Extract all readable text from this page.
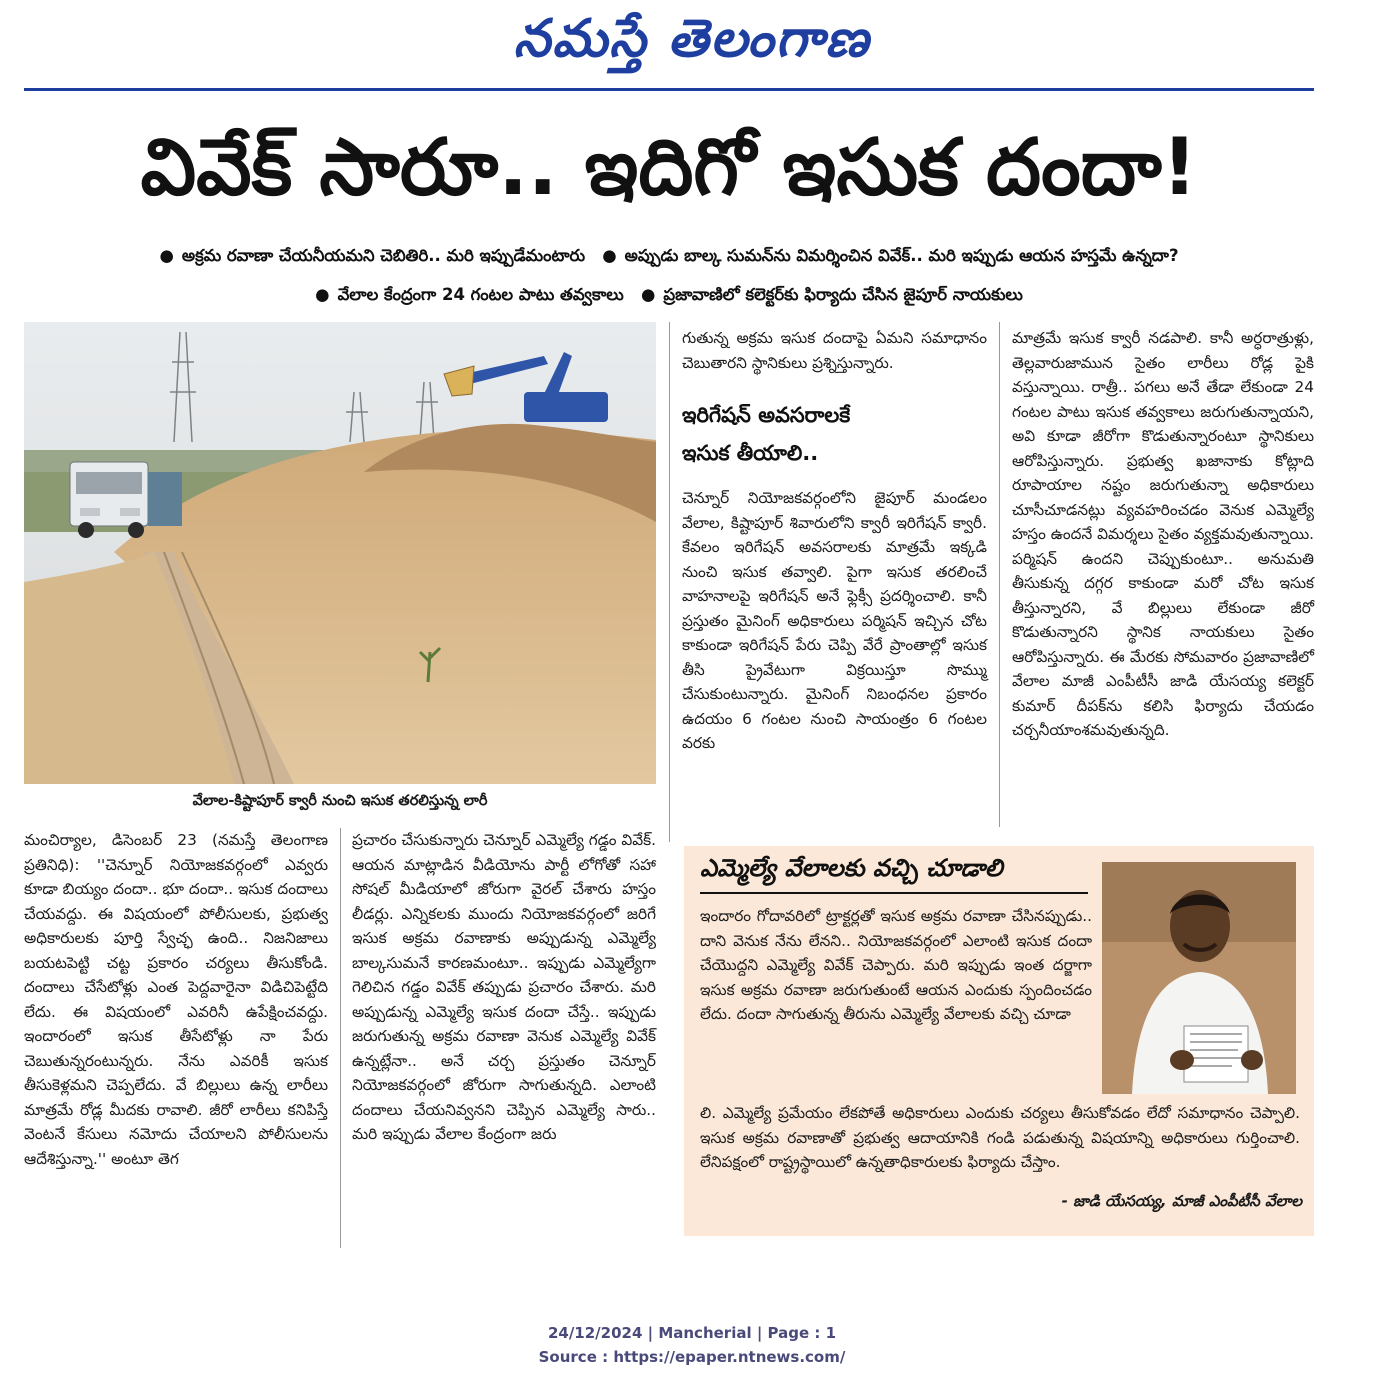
నమస్తే తెలంగాణ
వివేక్ సారూ.. ఇదిగో ఇసుక దందా!
● అక్రమ రవాణా చేయనీయమని చెబితిరి.. మరి ఇప్పుడేమంటారు ● అప్పుడు బాల్క సుమన్‌ను విమర్శించిన వివేక్.. మరి ఇప్పుడు ఆయన హస్తమే ఉన్నదా?
● వేలాల కేంద్రంగా 24 గంటల పాటు తవ్వకాలు ● ప్రజావాణిలో కలెక్టర్‌కు ఫిర్యాదు చేసిన జైపూర్ నాయకులు
వేలాల-కిష్టాపూర్ క్వారీ నుంచి ఇసుక తరలిస్తున్న లారీ
మంచిర్యాల, డిసెంబర్ 23 (నమస్తే తెలంగాణ ప్రతినిధి): ''చెన్నూర్ నియోజకవర్గంలో ఎవ్వరు కూడా బియ్యం దందా.. భూ దందా.. ఇసుక దందాలు చేయవద్దు. ఈ విషయంలో పోలీసులకు, ప్రభుత్వ అధికారులకు పూర్తి స్వేచ్ఛ ఉంది.. నిజనిజాలు బయటపెట్టి చట్ట ప్రకారం చర్యలు తీసుకోండి. దందాలు చేసేటోళ్లు ఎంత పెద్దవారైనా విడిచిపెట్టేది లేదు. ఈ విషయంలో ఎవరినీ ఉపేక్షించవద్దు. ఇందారంలో ఇసుక తీసేటోళ్లు నా పేరు చెబుతున్నరంటున్నరు. నేను ఎవరికీ ఇసుక తీసుకెళ్లమని చెప్పలేదు. వే బిల్లులు ఉన్న లారీలు మాత్రమే రోడ్ల మీదకు రావాలి. జీరో లారీలు కనిపిస్తే వెంటనే కేసులు నమోదు చేయాలని పోలీసులను ఆదేశిస్తున్నా.'' అంటూ తెగ
ప్రచారం చేసుకున్నారు చెన్నూర్ ఎమ్మెల్యే గడ్డం వివేక్. ఆయన మాట్లాడిన వీడియోను పార్టీ లోగోతో సహా సోషల్ మీడియాలో జోరుగా వైరల్ చేశారు హస్తం లీడర్లు. ఎన్నికలకు ముందు నియోజకవర్గంలో జరిగే ఇసుక అక్రమ రవాణాకు అప్పుడున్న ఎమ్మెల్యే బాల్కసుమనే కారణమంటూ.. ఇప్పుడు ఎమ్మెల్యేగా గెలిచిన గడ్డం వివేక్ తప్పుడు ప్రచారం చేశారు. మరి అప్పుడున్న ఎమ్మెల్యే ఇసుక దందా చేస్తే.. ఇప్పుడు జరుగుతున్న అక్రమ రవాణా వెనుక ఎమ్మెల్యే వివేక్ ఉన్నట్లేనా.. అనే చర్చ ప్రస్తుతం చెన్నూర్ నియోజకవర్గంలో జోరుగా సాగుతున్నది. ఎలాంటి దందాలు చేయనివ్వనని చెప్పిన ఎమ్మెల్యే సారు.. మరి ఇప్పుడు వేలాల కేంద్రంగా జరు
గుతున్న అక్రమ ఇసుక దందాపై ఏమని సమాధానం చెబుతారని స్థానికులు ప్రశ్నిస్తున్నారు.
ఇరిగేషన్ అవసరాలకే
ఇసుక తీయాలి..
చెన్నూర్ నియోజకవర్గంలోని జైపూర్ మండలం వేలాల, కిష్టాపూర్ శివారులోని క్వారీ ఇరిగేషన్ క్వారీ. కేవలం ఇరిగేషన్ అవసరాలకు మాత్రమే ఇక్కడి నుంచి ఇసుక తవ్వాలి. పైగా ఇసుక తరలించే వాహనాలపై ఇరిగేషన్ అనే ఫ్లెక్సీ ప్రదర్శించాలి. కానీ ప్రస్తుతం మైనింగ్ అధికారులు పర్మిషన్ ఇచ్చిన చోట కాకుండా ఇరిగేషన్ పేరు చెప్పి వేరే ప్రాంతాల్లో ఇసుక తీసి ప్రైవేటుగా విక్రయిస్తూ సొమ్ము చేసుకుంటున్నారు. మైనింగ్ నిబంధనల ప్రకారం ఉదయం 6 గంటల నుంచి సాయంత్రం 6 గంటల వరకు
మాత్రమే ఇసుక క్వారీ నడపాలి. కానీ అర్ధరాత్రుళ్లు, తెల్లవారుజామున సైతం లారీలు రోడ్ల పైకి వస్తున్నాయి. రాత్రీ.. పగలు అనే తేడా లేకుండా 24 గంటల పాటు ఇసుక తవ్వకాలు జరుగుతున్నాయని, అవి కూడా జీరోగా కొడుతున్నారంటూ స్థానికులు ఆరోపిస్తున్నారు. ప్రభుత్వ ఖజానాకు కోట్లాది రూపాయాల నష్టం జరుగుతున్నా అధికారులు చూసీచూడనట్లు వ్యవహరించడం వెనుక ఎమ్మెల్యే హస్తం ఉందనే విమర్శలు సైతం వ్యక్తమవుతున్నాయి. పర్మిషన్ ఉందని చెప్పుకుంటూ.. అనుమతి తీసుకున్న దగ్గర కాకుండా మరో చోట ఇసుక తీస్తున్నారని, వే బిల్లులు లేకుండా జీరో కొడుతున్నారని స్థానిక నాయకులు సైతం ఆరోపిస్తున్నారు. ఈ మేరకు సోమవారం ప్రజావాణిలో వేలాల మాజీ ఎంపీటీసీ జాడి యేసయ్య కలెక్టర్ కుమార్ దీపక్‌ను కలిసి ఫిర్యాదు చేయడం చర్చనీయాంశమవుతున్నది.
ఎమ్మెల్యే వేలాలకు వచ్చి చూడాలి
ఇందారం గోదావరిలో ట్రాక్టర్లతో ఇసుక అక్రమ రవాణా చేసినప్పుడు.. దాని వెనుక నేను లేనని.. నియోజకవర్గంలో ఎలాంటి ఇసుక దందా చేయొద్దని ఎమ్మెల్యే వివేక్ చెప్పారు. మరి ఇప్పుడు ఇంత దర్జాగా ఇసుక అక్రమ రవాణా జరుగుతుంటే ఆయన ఎందుకు స్పందించడం లేదు. దందా సాగుతున్న తీరును ఎమ్మెల్యే వేలాలకు వచ్చి చూడా
లి. ఎమ్మెల్యే ప్రమేయం లేకపోతే అధికారులు ఎందుకు చర్యలు తీసుకోవడం లేదో సమాధానం చెప్పాలి. ఇసుక అక్రమ రవాణాతో ప్రభుత్వ ఆదాయానికి గండి పడుతున్న విషయాన్ని అధికారులు గుర్తించాలి. లేనిపక్షంలో రాష్ట్రస్థాయిలో ఉన్నతాధికారులకు ఫిర్యాదు చేస్తాం.
- జాడి యేసయ్య, మాజీ ఎంపీటీసీ వేలాల
24/12/2024 | Mancherial | Page : 1
Source : https://epaper.ntnews.com/
